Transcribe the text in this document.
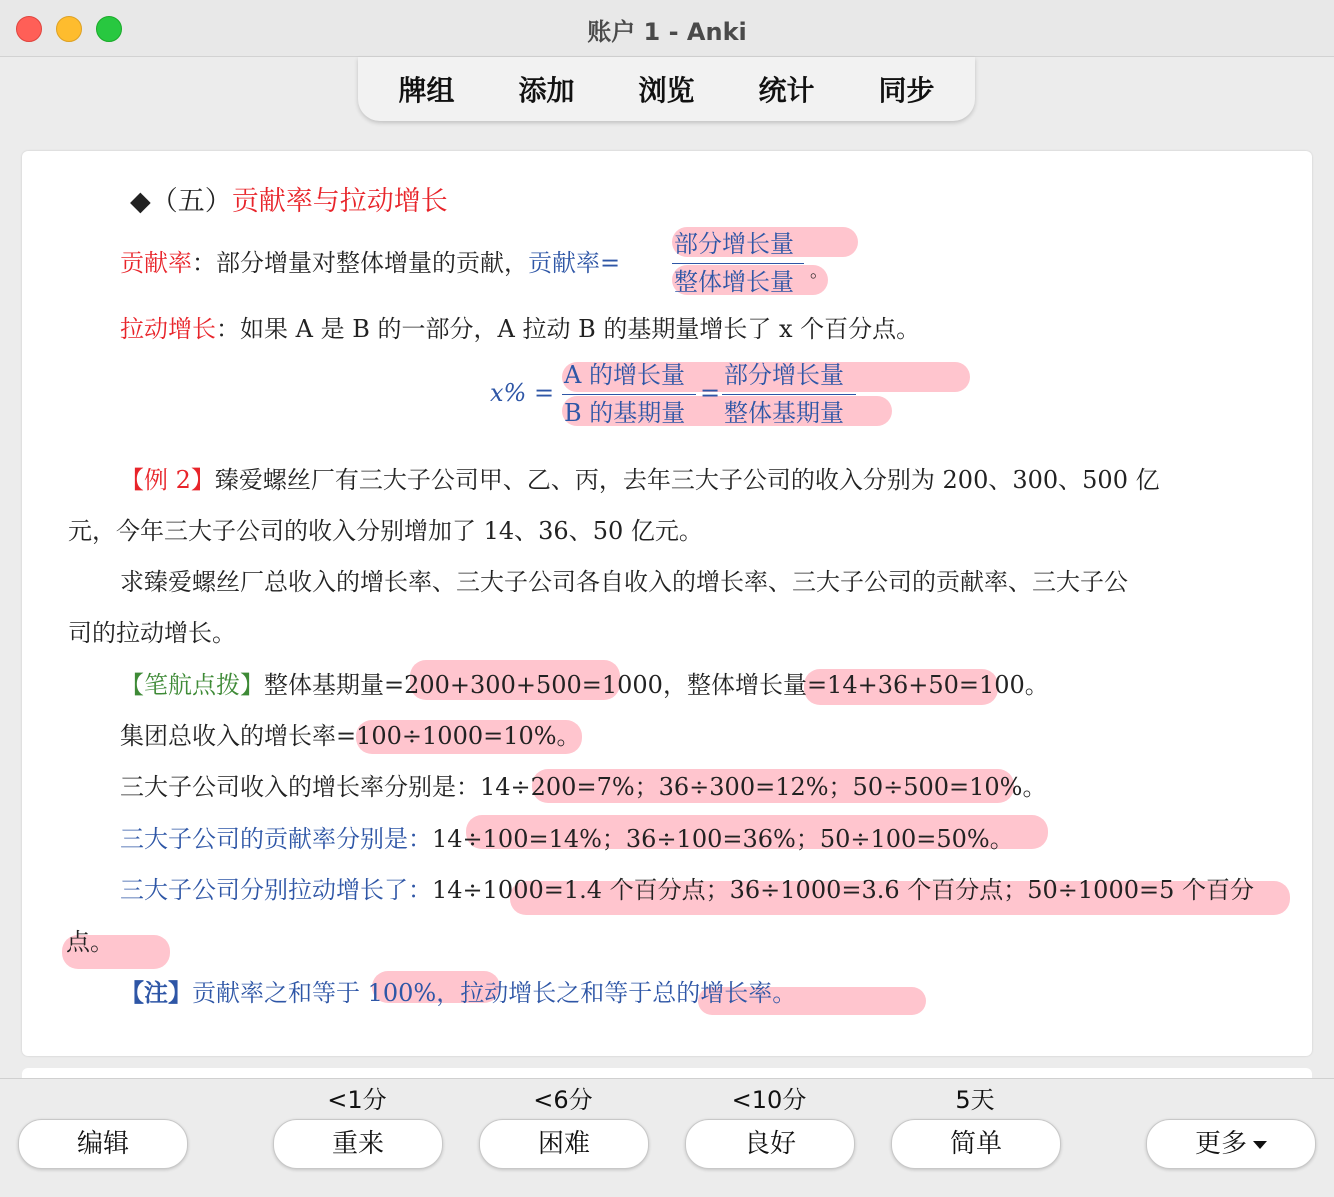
账户 1 - Anki
牌组	添加	浏览	统计	同步
◆（五）贡献率与拉动增长
贡献率：部分增量对整体增量的贡献，贡献率=
部分增长量
整体增长量 。
拉动增长：如果 A 是 B 的一部分，A 拉动 B 的基期量增长了 x 个百分点。
x% =
A 的增长量
B 的基期量
=
部分增长量
整体基期量
【例 2】臻爱螺丝厂有三大子公司甲、乙、丙，去年三大子公司的收入分别为 200、300、500 亿
元，今年三大子公司的收入分别增加了 14、36、50 亿元。
求臻爱螺丝厂总收入的增长率、三大子公司各自收入的增长率、三大子公司的贡献率、三大子公
司的拉动增长。
【笔航点拨】整体基期量=200+300+500=1000，整体增长量=14+36+50=100。
集团总收入的增长率=100÷1000=10%。
三大子公司收入的增长率分别是：14÷200=7%；36÷300=12%；50÷500=10%。
三大子公司的贡献率分别是：14÷100=14%；36÷100=36%；50÷100=50%。
三大子公司分别拉动增长了：14÷1000=1.4 个百分点；36÷1000=3.6 个百分点；50÷1000=5 个百分
点。
【注】贡献率之和等于 100%，拉动增长之和等于总的增长率。
编辑
<1分
重来
<6分
困难
<10分
良好
5天
简单	更多
